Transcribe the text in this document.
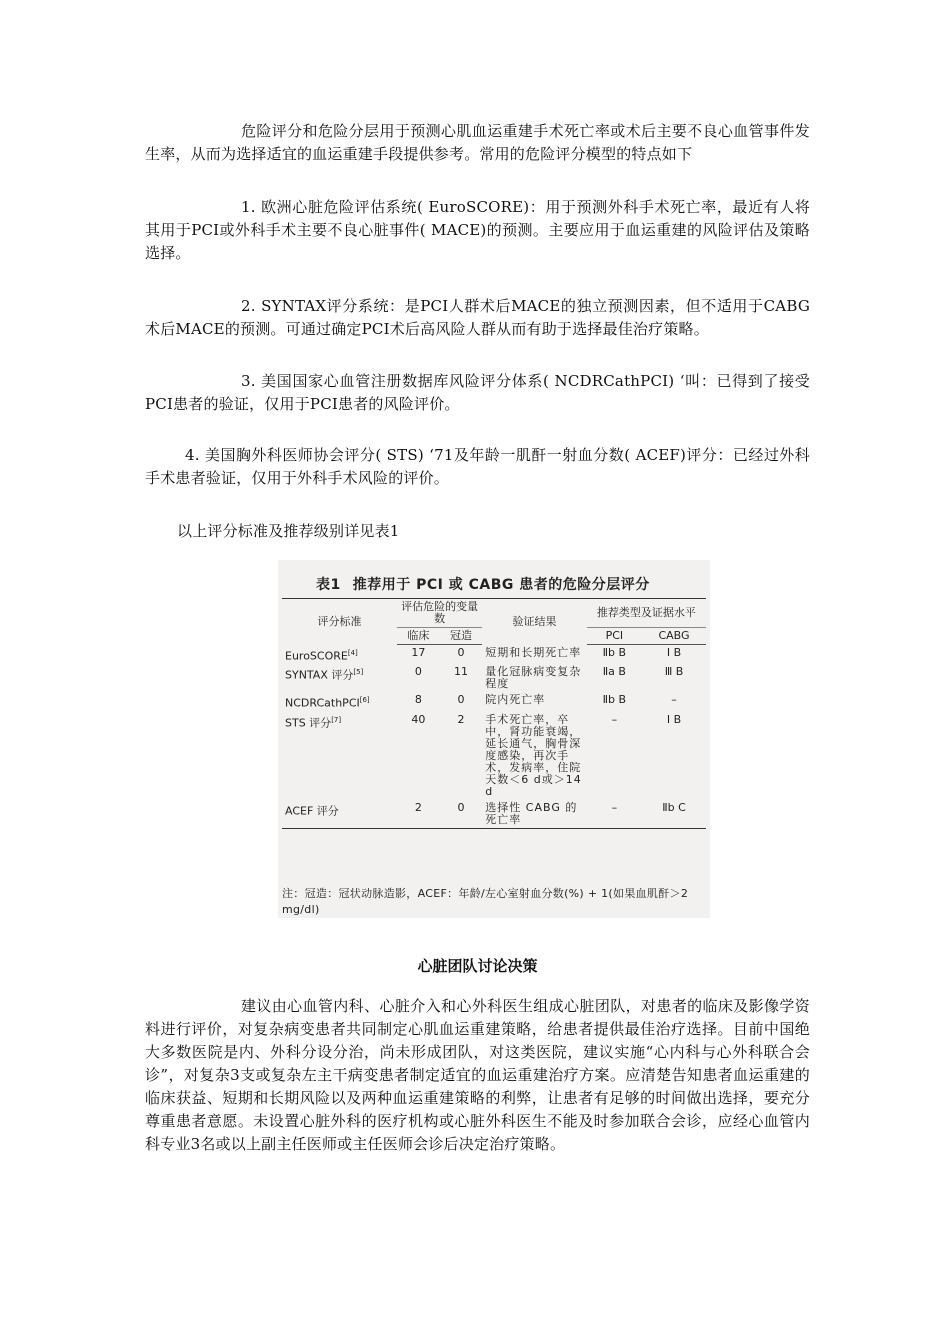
危险评分和危险分层用于预测心肌血运重建手术死亡率或术后主要不良心血管事件发生率，从而为选择适宜的血运重建手段提供参考。常用的危险评分模型的特点如下

1. 欧洲心脏危险评估系统( EuroSCORE)：用于预测外科手术死亡率，最近有人将其用于PCI或外科手术主要不良心脏事件( MACE)的预测。主要应用于血运重建的风险评估及策略选择。

2. SYNTAX评分系统：是PCI人群术后MACE的独立预测因素，但不适用于CABG术后MACE的预测。可通过确定PCI术后高风险人群从而有助于选择最佳治疗策略。

3. 美国国家心血管注册数据库风险评分体系( NCDRCathPCI) ‘叫：已得到了接受PCI患者的验证，仅用于PCI患者的风险评价。

4. 美国胸外科医师协会评分( STS) ‘71及年龄一肌酐一射血分数( ACEF)评分：已经过外科手术患者验证，仅用于外科手术风险的评价。

以上评分标准及推荐级别详见表1

表1 推荐用于 PCI 或 CABG 患者的危险分层评分
评分标准	评估危险的变量数		验证结果	推荐类型及证据水平	
	临床	冠造		PCI	CABG
EuroSCORE[4]	17	0	短期和长期死亡率	Ⅱb B	Ⅰ B
SYNTAX 评分[5]	0	11	量化冠脉病变复杂程度	Ⅱa B	Ⅲ B
NCDRCathPCI[6]	8	0	院内死亡率	Ⅱb B	–
STS 评分[7]	40	2	手术死亡率，卒中，肾功能衰竭，延长通气，胸骨深度感染，再次手术，发病率，住院天数＜6 d或＞14 d	–	Ⅰ B
ACEF 评分	2	0	选择性 CABG 的死亡率	–	Ⅱb C
注：冠造：冠状动脉造影，ACEF：年龄/左心室射血分数(%) + 1(如果血肌酐＞2 mg/dl)
心脏团队讨论决策

建议由心血管内科、心脏介入和心外科医生组成心脏团队，对患者的临床及影像学资料进行评价，对复杂病变患者共同制定心肌血运重建策略，给患者提供最佳治疗选择。目前中国绝大多数医院是内、外科分设分治，尚未形成团队，对这类医院，建议实施“心内科与心外科联合会诊”，对复杂3支或复杂左主干病变患者制定适宜的血运重建治疗方案。应清楚告知患者血运重建的临床获益、短期和长期风险以及两种血运重建策略的利弊，让患者有足够的时间做出选择，要充分尊重患者意愿。未设置心脏外科的医疗机构或心脏外科医生不能及时参加联合会诊，应经心血管内科专业3名或以上副主任医师或主任医师会诊后决定治疗策略。
